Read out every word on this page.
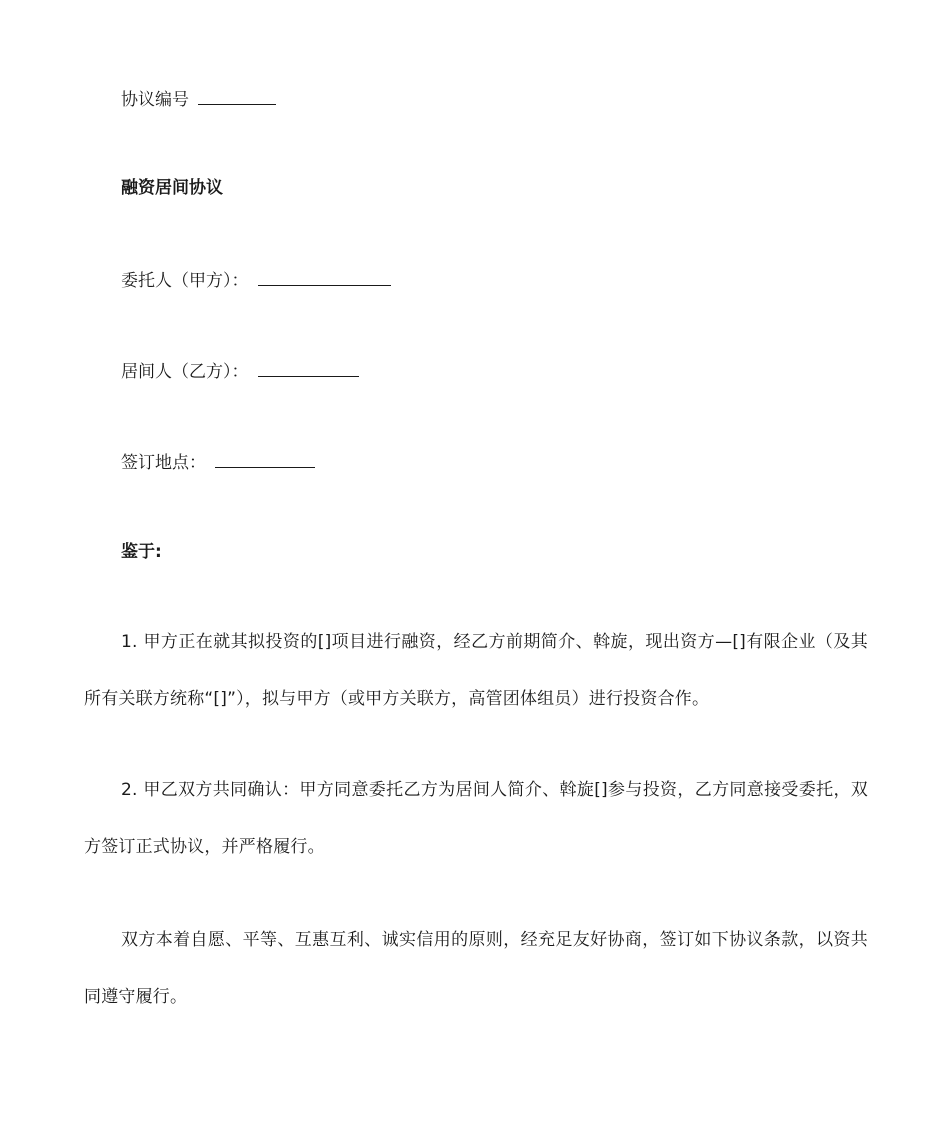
协议编号
融资居间协议
委托人（甲方）：
居间人（乙方）：
签订地点：
鉴于:
1. 甲方正在就其拟投资的[]项目进行融资，经乙方前期简介、斡旋，现出资方—[]有限企业（及其所有关联方统称“[]”），拟与甲方（或甲方关联方，高管团体组员）进行投资合作。
2. 甲乙双方共同确认：甲方同意委托乙方为居间人简介、斡旋[]参与投资，乙方同意接受委托，双方签订正式协议，并严格履行。
双方本着自愿、平等、互惠互利、诚实信用的原则，经充足友好协商，签订如下协议条款，以资共同遵守履行。
